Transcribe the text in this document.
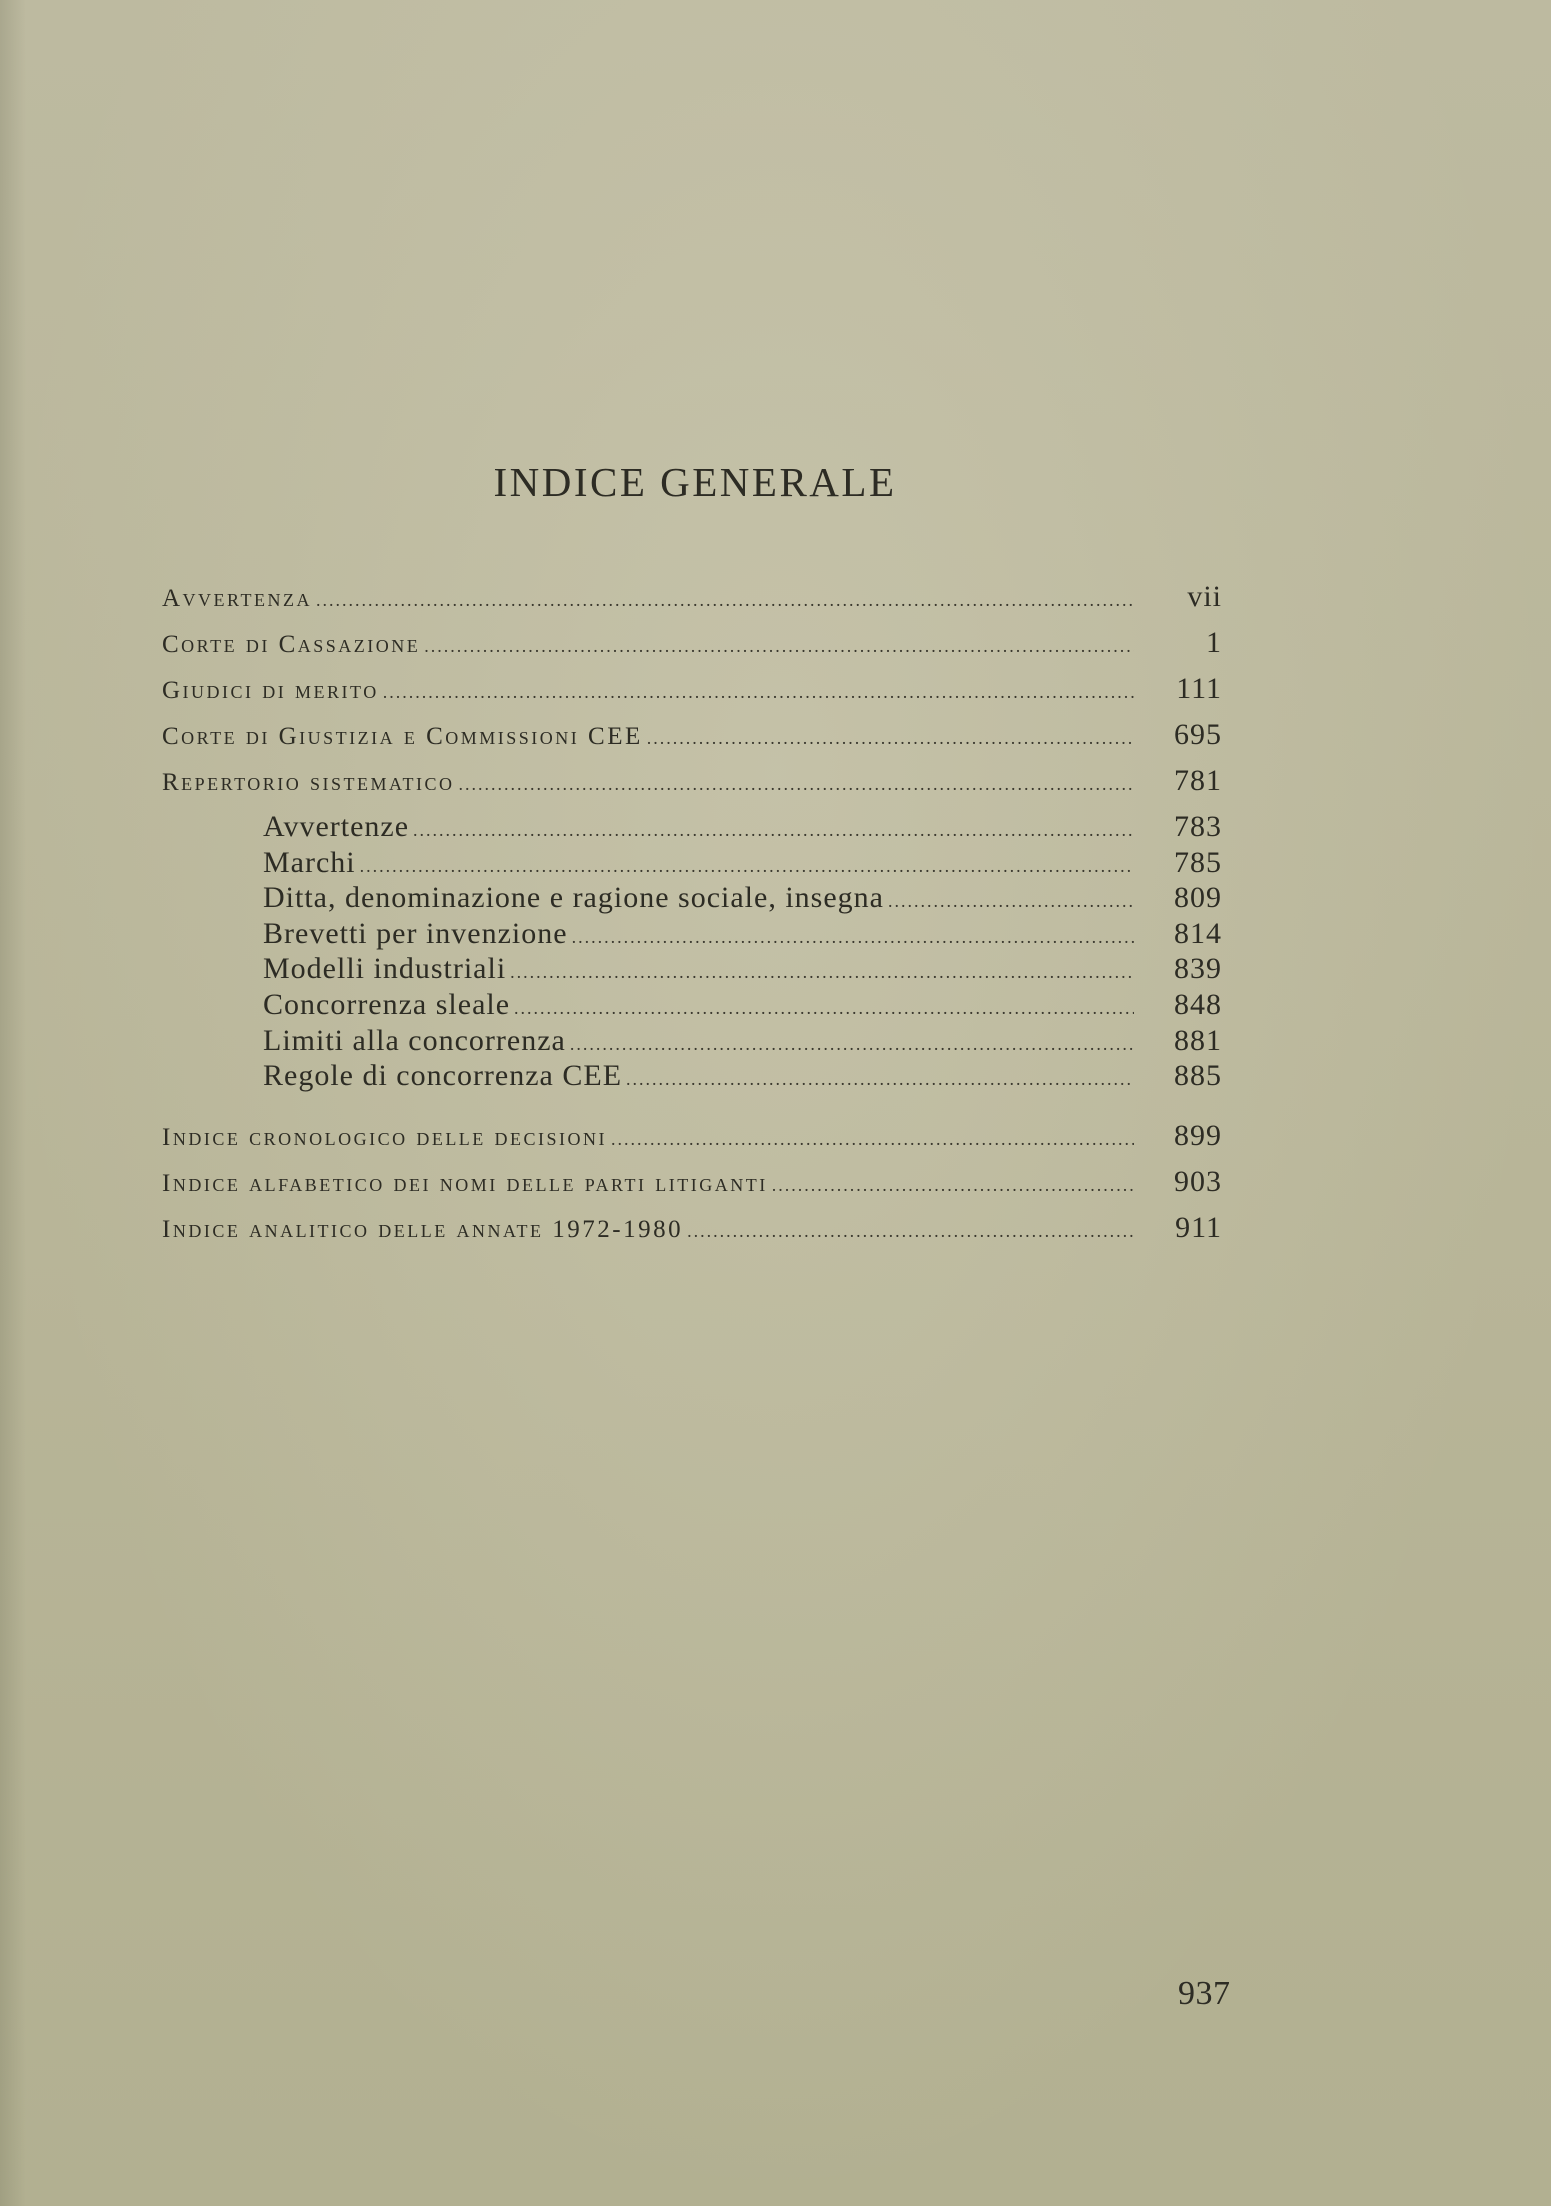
INDICE GENERALE
Avvertenza .....	vii
Corte di Cassazione .....	1
Giudici di merito .....	111
Corte di Giustizia e Commissioni CEE .....	695
Repertorio sistematico .....	781
Avvertenze .....	783
Marchi .....	785
Ditta, denominazione e ragione sociale, insegna .....	809
Brevetti per invenzione .....	814
Modelli industriali .....	839
Concorrenza sleale .....	848
Limiti alla concorrenza .....	881
Regole di concorrenza CEE .....	885
Indice cronologico delle decisioni .....	899
Indice alfabetico dei nomi delle parti litiganti .....	903
Indice analitico delle annate 1972-1980 .....	911
937
